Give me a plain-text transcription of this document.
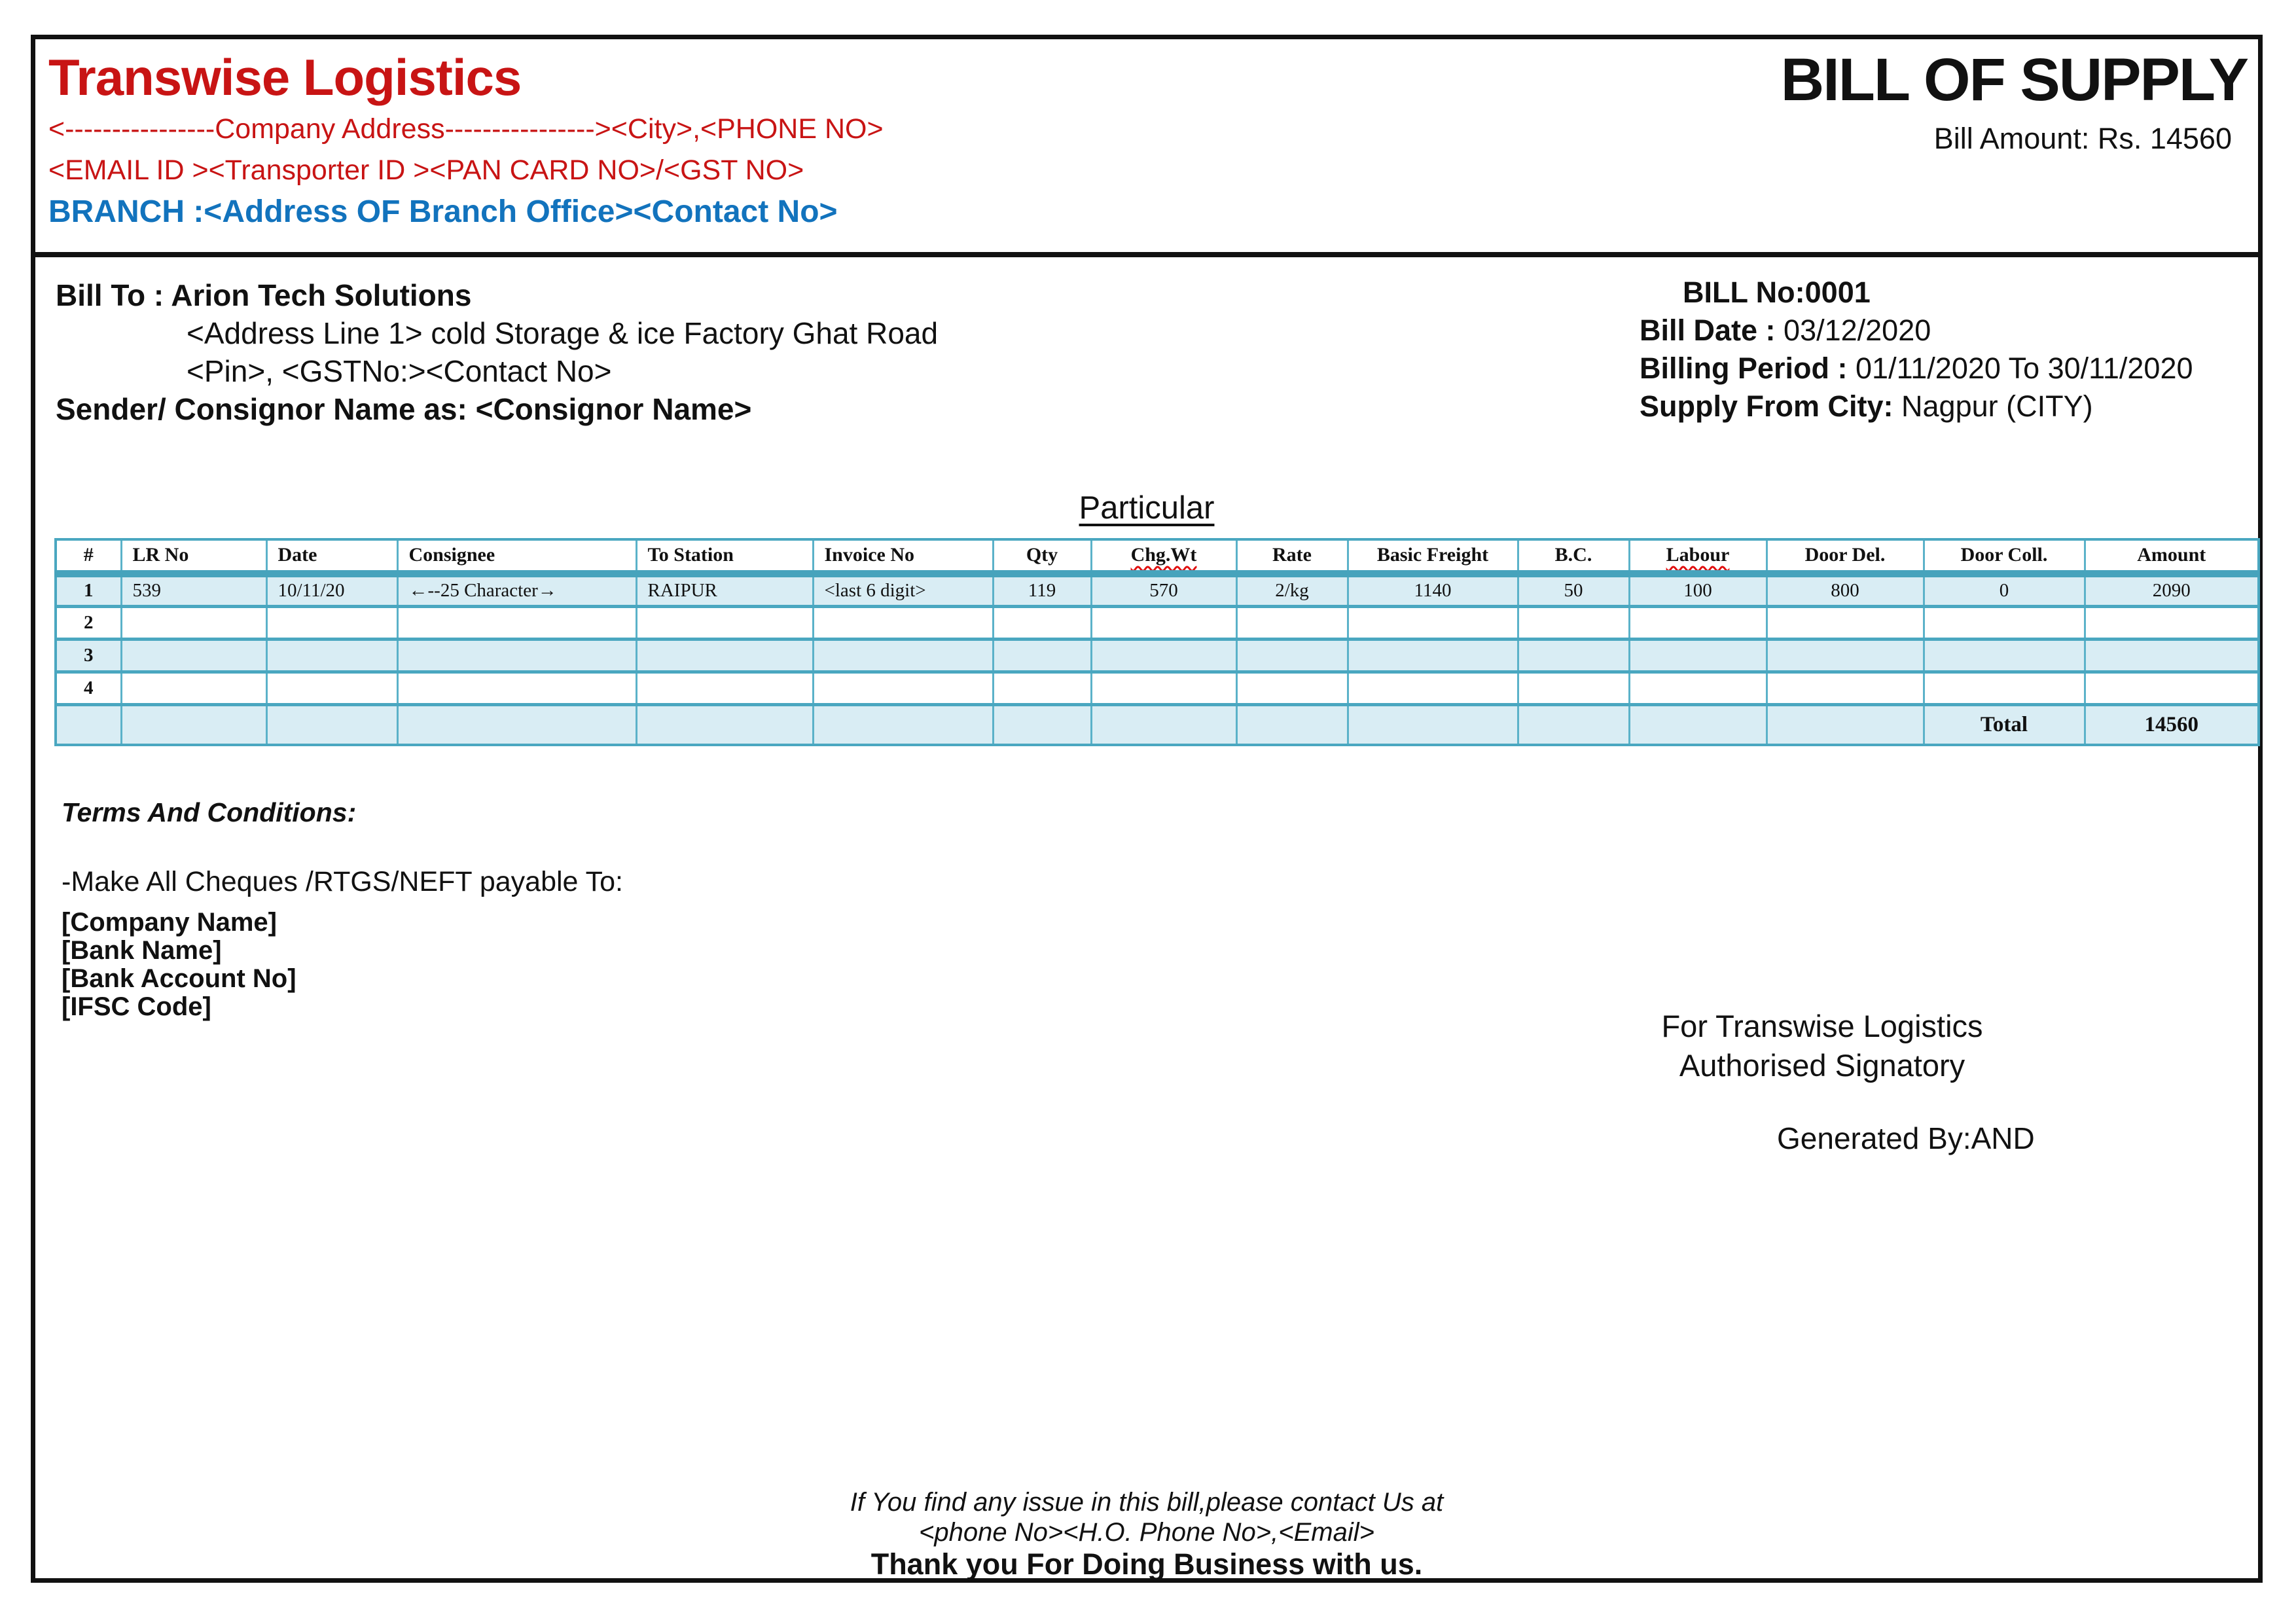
Transwise Logistics
<----------------Company Address----------------><City>,<PHONE NO>
<EMAIL ID ><Transporter ID ><PAN CARD NO>/<GST NO>
BRANCH :<Address OF Branch Office><Contact No>
BILL OF SUPPLY
Bill Amount: Rs. 14560
Bill To : Arion Tech Solutions
<Address Line 1> cold Storage & ice Factory Ghat Road
<Pin>, <GSTNo:><Contact No>
Sender/ Consignor Name as: <Consignor Name>
BILL No:0001
Bill Date : 03/12/2020
Billing Period : 01/11/2020 To 30/11/2020
Supply From City: Nagpur (CITY)
Particular
#	LR No	Date	Consignee	To Station	Invoice No	Qty	Chg.Wt	Rate	Basic Freight	B.C.	Labour	Door Del.	Door Coll.	Amount
1	539	10/11/20	←--25 Character→	RAIPUR	<last 6 digit>	119	570	2/kg	1140	50	100	800	0	2090
2														
3														
4														
													Total	14560
Terms And Conditions:
-Make All Cheques /RTGS/NEFT payable To:
[Company Name]
[Bank Name]
[Bank Account No]
[IFSC Code]
For Transwise Logistics
Authorised Signatory
Generated By:AND
If You find any issue in this bill,please contact Us at
<phone No><H.O. Phone No>,<Email>
Thank you For Doing Business with us.
